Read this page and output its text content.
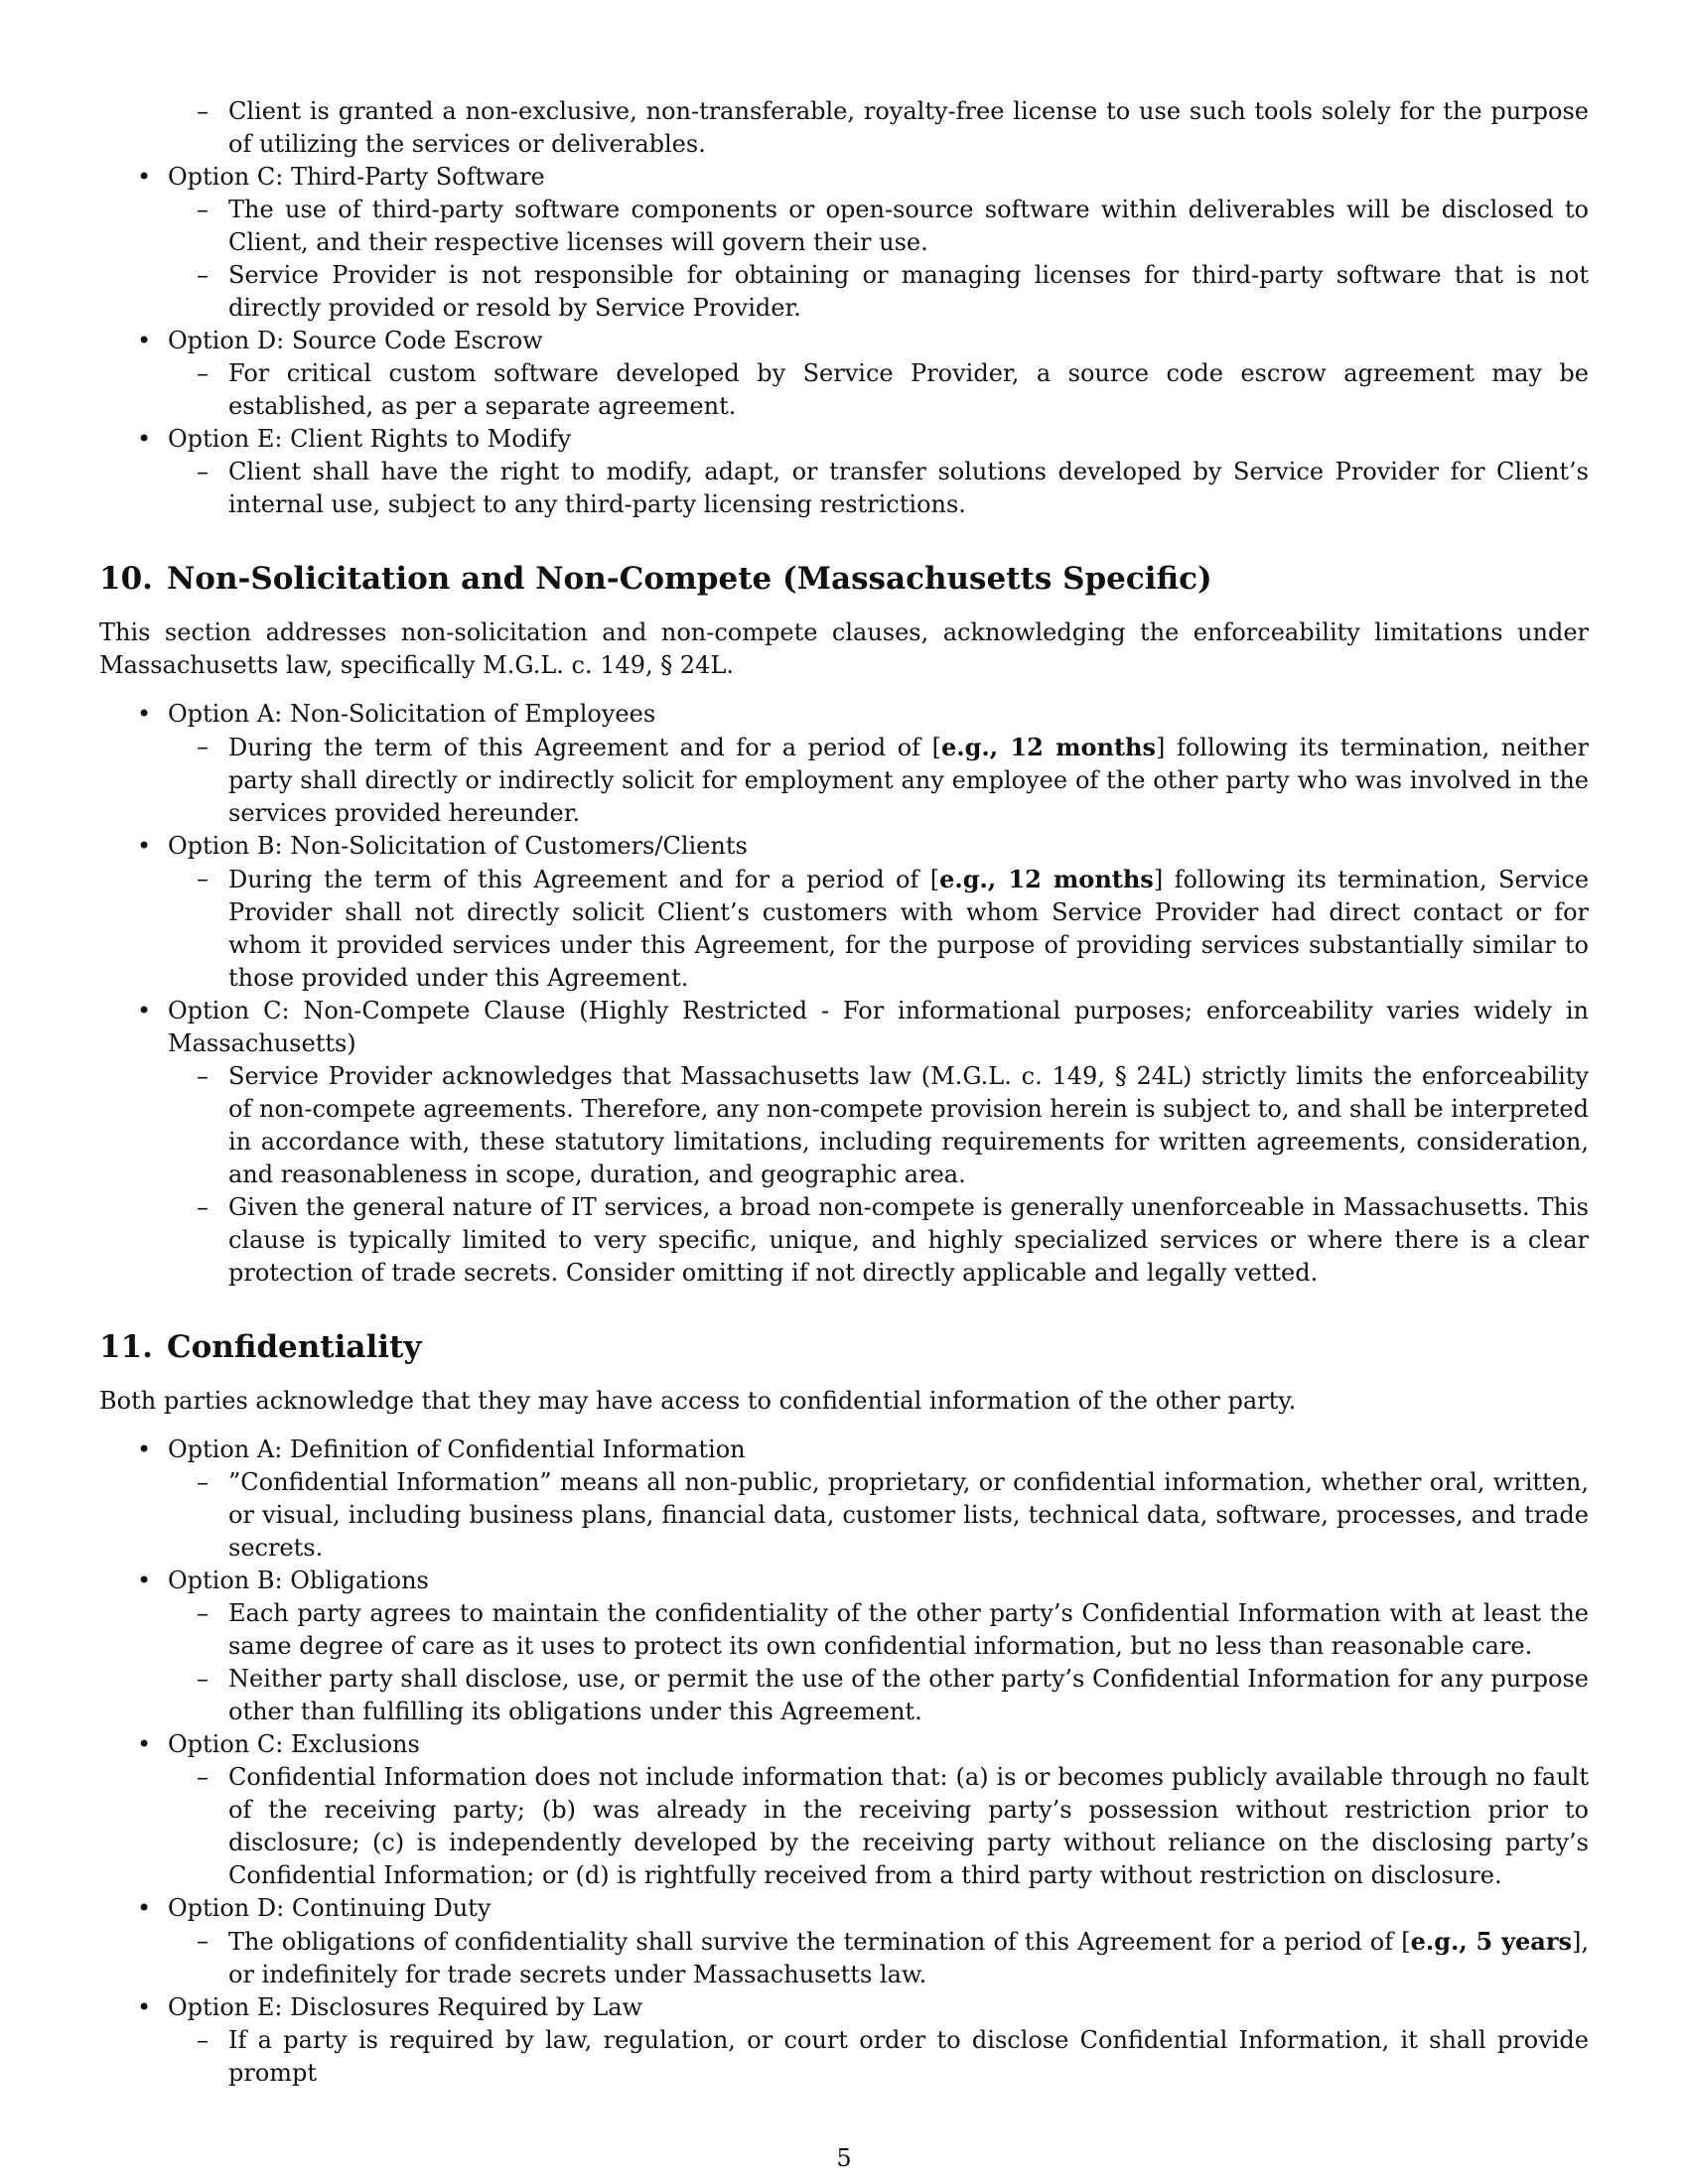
– Client is granted a non-exclusive, non-transferable, royalty-free license to use such tools solely for the purpose of utilizing the services or deliverables.

• Option C: Third-Party Software

– The use of third-party software components or open-source software within deliverables will be disclosed to Client, and their respective licenses will govern their use.

– Service Provider is not responsible for obtaining or managing licenses for third-party software that is not directly provided or resold by Service Provider.

• Option D: Source Code Escrow

– For critical custom software developed by Service Provider, a source code escrow agreement may be established, as per a separate agreement.

• Option E: Client Rights to Modify

– Client shall have the right to modify, adapt, or transfer solutions developed by Service Provider for Client’s internal use, subject to any third-party licensing restrictions.

10. Non-Solicitation and Non-Compete (Massachusetts Specific)

This section addresses non-solicitation and non-compete clauses, acknowledging the enforceability limitations under Massachusetts law, specifically M.G.L. c. 149, § 24L.

• Option A: Non-Solicitation of Employees

– During the term of this Agreement and for a period of [e.g., 12 months] following its termination, neither party shall directly or indirectly solicit for employment any employee of the other party who was involved in the services provided hereunder.

• Option B: Non-Solicitation of Customers/Clients

– During the term of this Agreement and for a period of [e.g., 12 months] following its termination, Service Provider shall not directly solicit Client’s customers with whom Service Provider had direct contact or for whom it provided services under this Agreement, for the purpose of providing services substantially similar to those provided under this Agreement.

• Option C: Non-Compete Clause (Highly Restricted - For informational purposes; enforceability varies widely in Massachusetts)

– Service Provider acknowledges that Massachusetts law (M.G.L. c. 149, § 24L) strictly limits the enforceability of non-compete agreements. Therefore, any non-compete provision herein is subject to, and shall be interpreted in accordance with, these statutory limitations, including requirements for written agreements, consideration, and reasonableness in scope, duration, and geographic area.

– Given the general nature of IT services, a broad non-compete is generally unenforceable in Massachusetts. This clause is typically limited to very specific, unique, and highly specialized services or where there is a clear protection of trade secrets. Consider omitting if not directly applicable and legally vetted.

11. Confidentiality

Both parties acknowledge that they may have access to confidential information of the other party.

• Option A: Definition of Confidential Information

– ”Confidential Information” means all non-public, proprietary, or confidential information, whether oral, written, or visual, including business plans, financial data, customer lists, technical data, software, processes, and trade secrets.

• Option B: Obligations

– Each party agrees to maintain the confidentiality of the other party’s Confidential Information with at least the same degree of care as it uses to protect its own confidential information, but no less than reasonable care.

– Neither party shall disclose, use, or permit the use of the other party’s Confidential Information for any purpose other than fulfilling its obligations under this Agreement.

• Option C: Exclusions

– Confidential Information does not include information that: (a) is or becomes publicly available through no fault of the receiving party; (b) was already in the receiving party’s possession without restriction prior to disclosure; (c) is independently developed by the receiving party without reliance on the disclosing party’s Confidential Information; or (d) is rightfully received from a third party without restriction on disclosure.

• Option D: Continuing Duty

– The obligations of confidentiality shall survive the termination of this Agreement for a period of [e.g., 5 years], or indefinitely for trade secrets under Massachusetts law.

• Option E: Disclosures Required by Law

– If a party is required by law, regulation, or court order to disclose Confidential Information, it shall provide prompt

5
